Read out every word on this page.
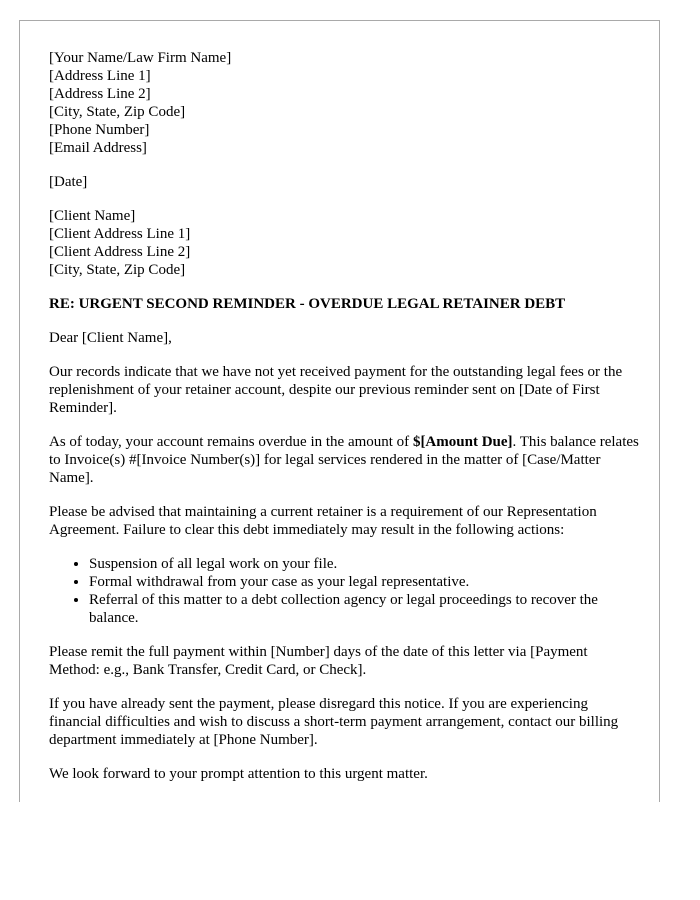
[Your Name/Law Firm Name]
[Address Line 1]
[Address Line 2]
[City, State, Zip Code]
[Phone Number]
[Email Address]
[Date]
[Client Name]
[Client Address Line 1]
[Client Address Line 2]
[City, State, Zip Code]

RE: URGENT SECOND REMINDER - OVERDUE LEGAL RETAINER DEBT

Dear [Client Name],

Our records indicate that we have not yet received payment for the outstanding legal fees or the replenishment of your retainer account, despite our previous reminder sent on [Date of First Reminder].

As of today, your account remains overdue in the amount of $[Amount Due]. This balance relates to Invoice(s) #[Invoice Number(s)] for legal services rendered in the matter of [Case/Matter Name].

Please be advised that maintaining a current retainer is a requirement of our Representation Agreement. Failure to clear this debt immediately may result in the following actions:

• Suspension of all legal work on your file.
• Formal withdrawal from your case as your legal representative.
• Referral of this matter to a debt collection agency or legal proceedings to recover the balance.

Please remit the full payment within [Number] days of the date of this letter via [Payment Method: e.g., Bank Transfer, Credit Card, or Check].

If you have already sent the payment, please disregard this notice. If you are experiencing financial difficulties and wish to discuss a short-term payment arrangement, contact our billing department immediately at [Phone Number].

We look forward to your prompt attention to this urgent matter.
